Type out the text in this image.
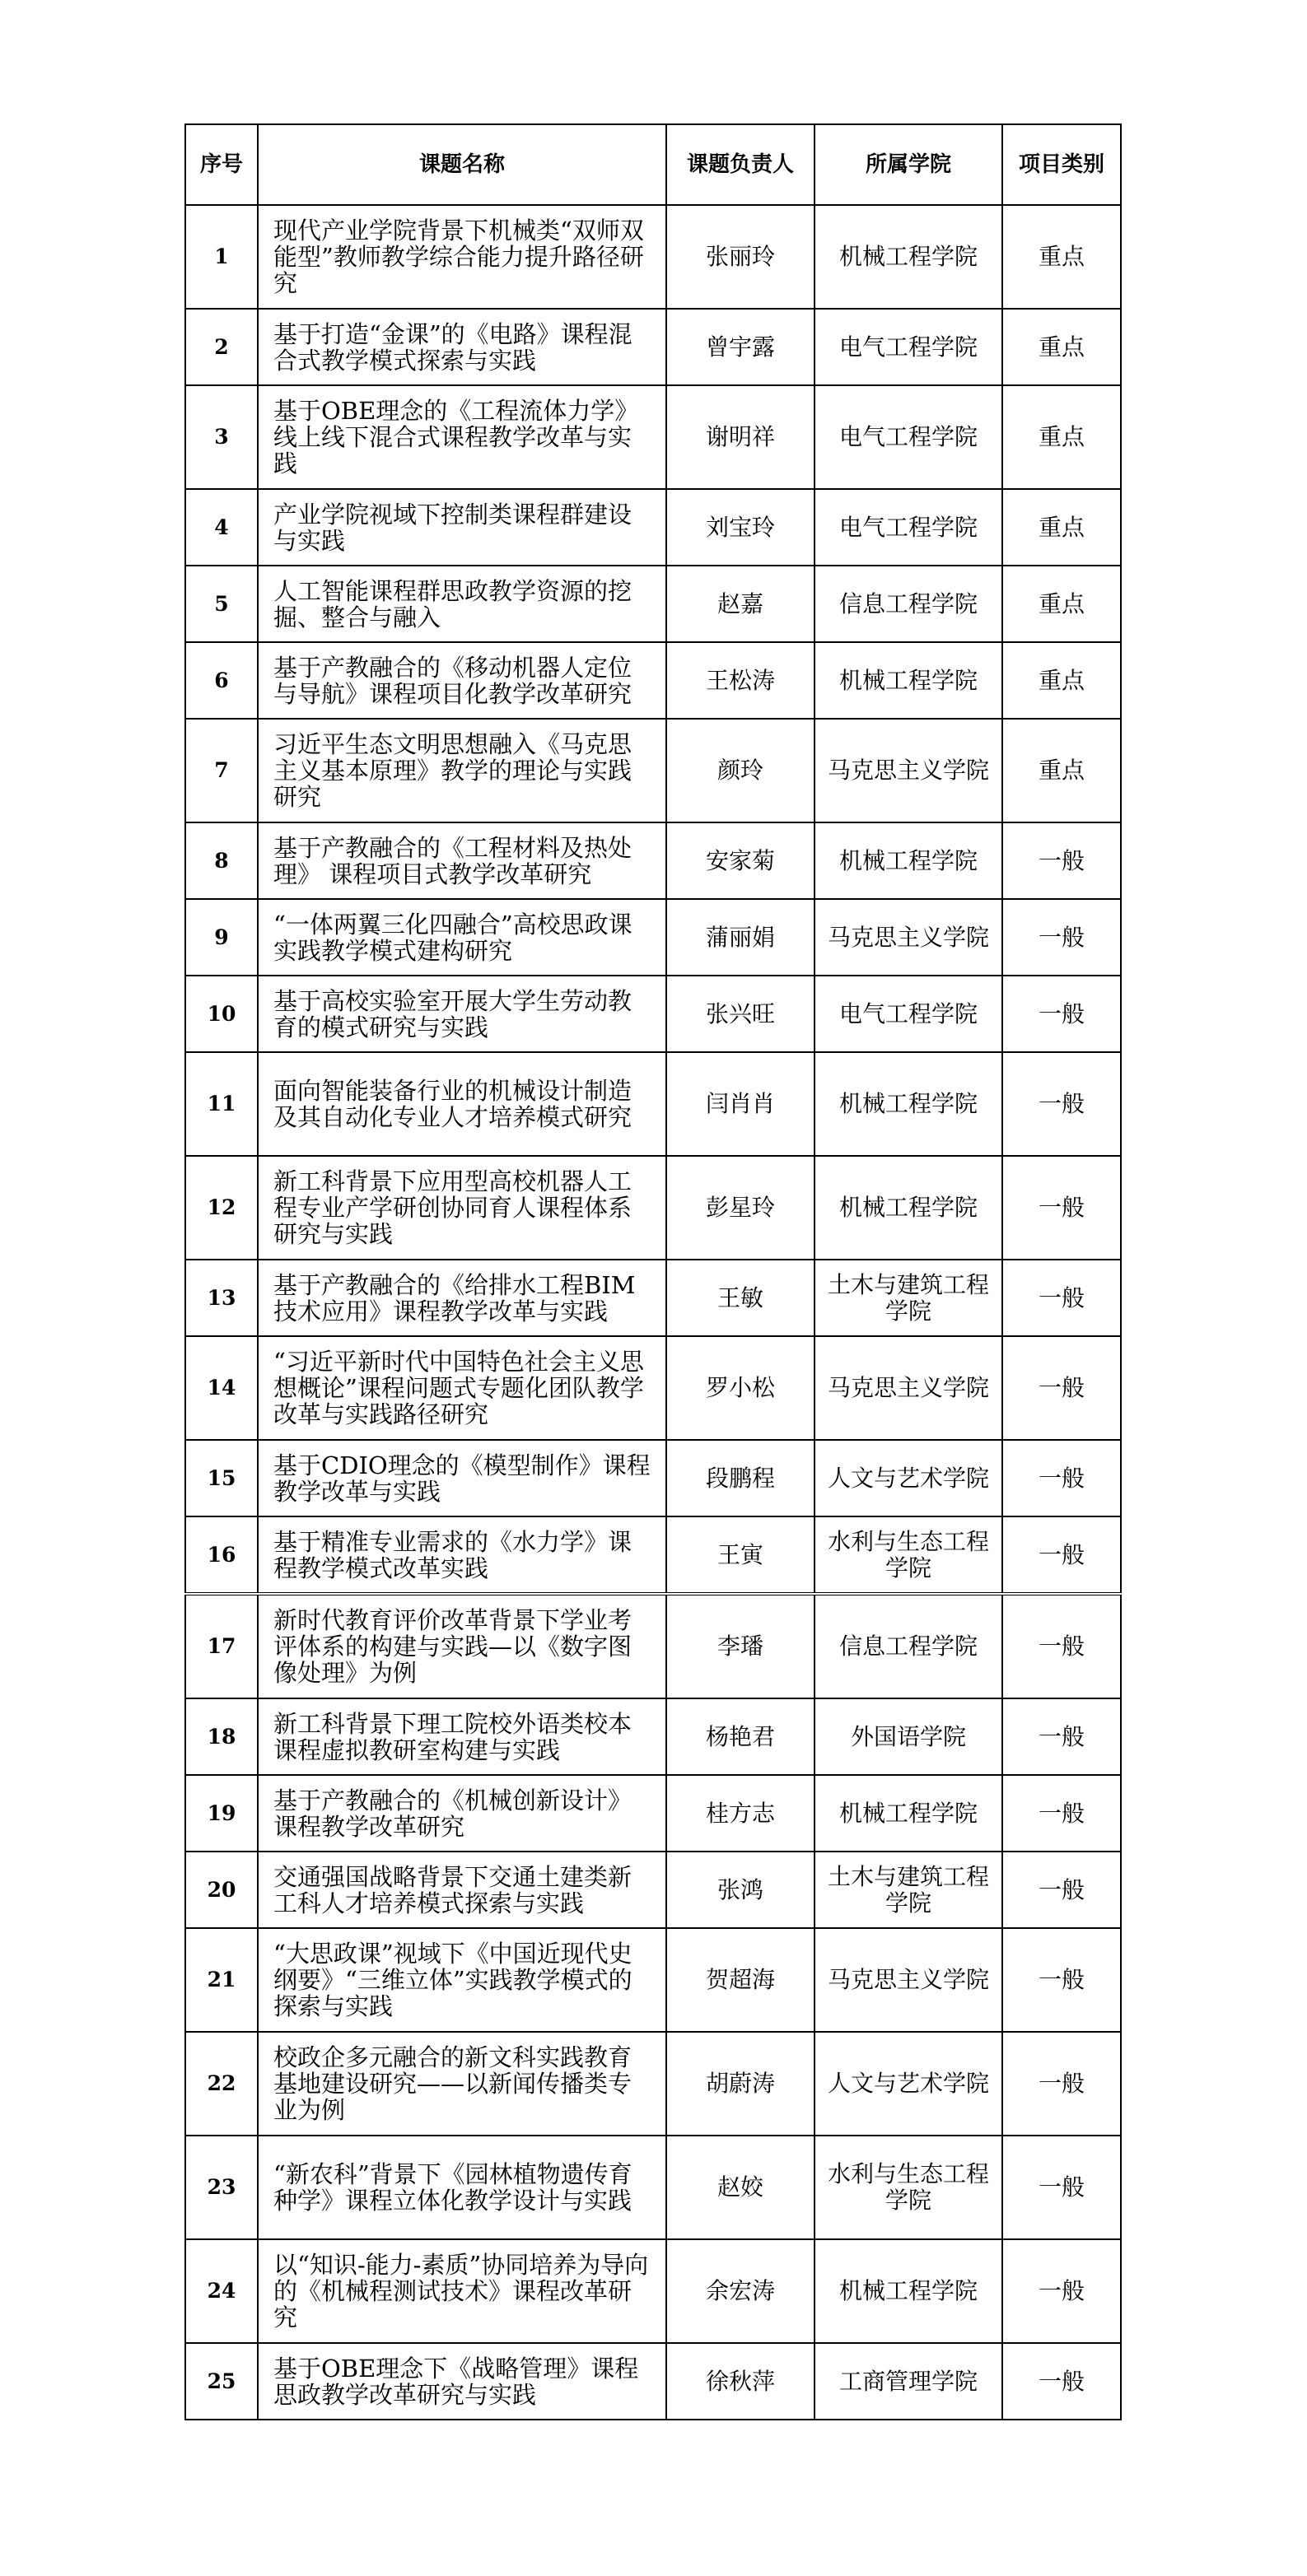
序号	课题名称	课题负责人	所属学院	项目类别
1	现代产业学院背景下机械类“双师双能型”教师教学综合能力提升路径研究	张丽玲	机械工程学院	重点
2	基于打造“金课”的《电路》课程混合式教学模式探索与实践	曾宇露	电气工程学院	重点
3	基于OBE理念的《工程流体力学》线上线下混合式课程教学改革与实践	谢明祥	电气工程学院	重点
4	产业学院视域下控制类课程群建设与实践	刘宝玲	电气工程学院	重点
5	人工智能课程群思政教学资源的挖掘、整合与融入	赵嘉	信息工程学院	重点
6	基于产教融合的《移动机器人定位与导航》课程项目化教学改革研究	王松涛	机械工程学院	重点
7	习近平生态文明思想融入《马克思主义基本原理》教学的理论与实践研究	颜玲	马克思主义学院	重点
8	基于产教融合的《工程材料及热处理》 课程项目式教学改革研究	安家菊	机械工程学院	一般
9	“一体两翼三化四融合”高校思政课实践教学模式建构研究	蒲丽娟	马克思主义学院	一般
10	基于高校实验室开展大学生劳动教育的模式研究与实践	张兴旺	电气工程学院	一般
11	面向智能装备行业的机械设计制造及其自动化专业人才培养模式研究	闫肖肖	机械工程学院	一般
12	新工科背景下应用型高校机器人工程专业产学研创协同育人课程体系研究与实践	彭星玲	机械工程学院	一般
13	基于产教融合的《给排水工程BIM技术应用》课程教学改革与实践	王敏	土木与建筑工程学院	一般
14	“习近平新时代中国特色社会主义思想概论”课程问题式专题化团队教学改革与实践路径研究	罗小松	马克思主义学院	一般
15	基于CDIO理念的《模型制作》课程教学改革与实践	段鹏程	人文与艺术学院	一般
16	基于精准专业需求的《水力学》课程教学模式改革实践	王寅	水利与生态工程学院	一般
17	新时代教育评价改革背景下学业考评体系的构建与实践—以《数字图像处理》为例	李璠	信息工程学院	一般
18	新工科背景下理工院校外语类校本课程虚拟教研室构建与实践	杨艳君	外国语学院	一般
19	基于产教融合的《机械创新设计》课程教学改革研究	桂方志	机械工程学院	一般
20	交通强国战略背景下交通土建类新工科人才培养模式探索与实践	张鸿	土木与建筑工程学院	一般
21	“大思政课”视域下《中国近现代史纲要》“三维立体”实践教学模式的探索与实践	贺超海	马克思主义学院	一般
22	校政企多元融合的新文科实践教育基地建设研究——以新闻传播类专业为例	胡蔚涛	人文与艺术学院	一般
23	“新农科”背景下《园林植物遗传育种学》课程立体化教学设计与实践	赵姣	水利与生态工程学院	一般
24	以“知识-能力-素质”协同培养为导向的《机械程测试技术》课程改革研究	余宏涛	机械工程学院	一般
25	基于OBE理念下《战略管理》课程思政教学改革研究与实践	徐秋萍	工商管理学院	一般
